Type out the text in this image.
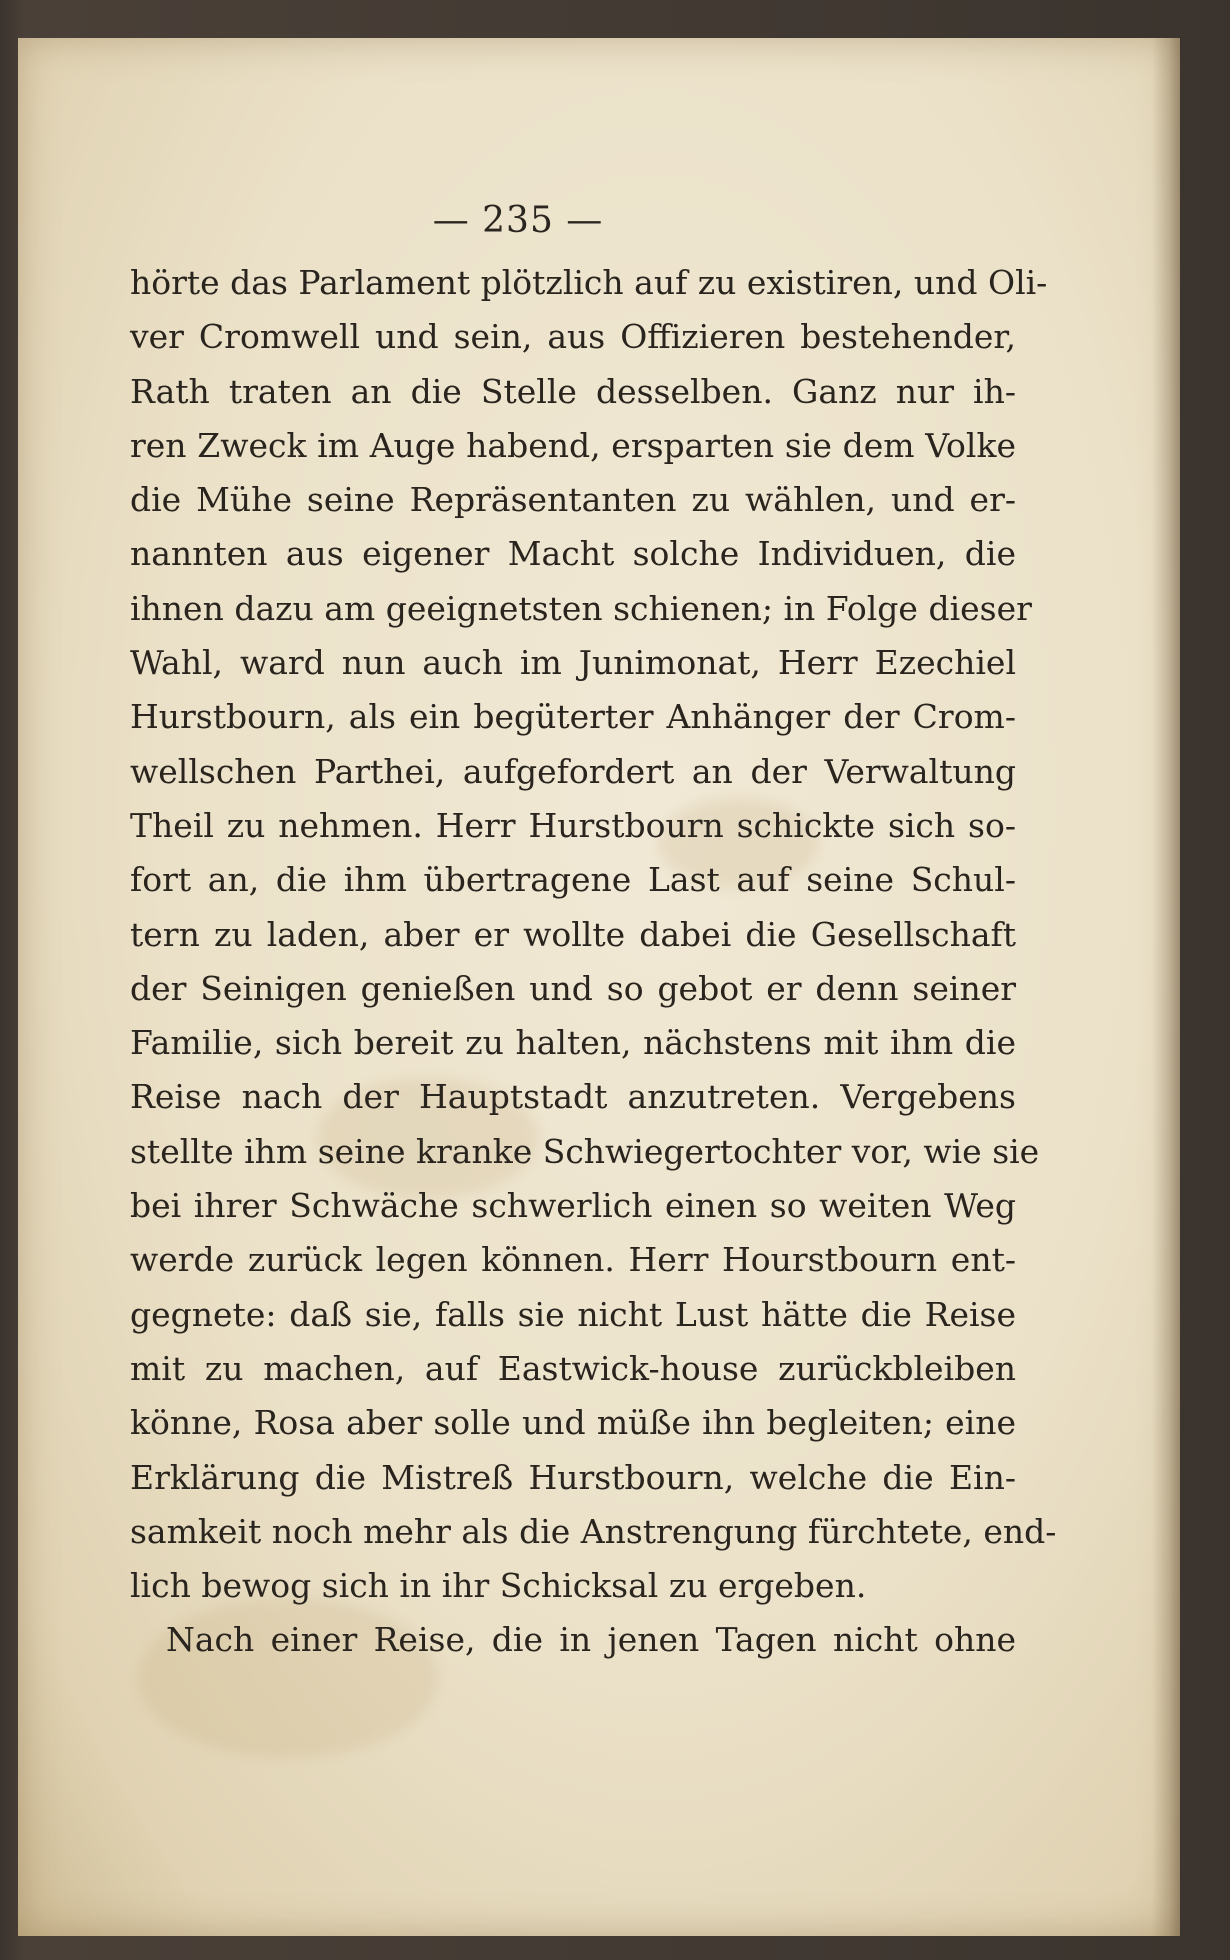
— 235 —
hörte das Parlament plötzlich auf zu existiren, und Oli-
ver Cromwell und sein, aus Offizieren bestehender,
Rath traten an die Stelle desselben. Ganz nur ih-
ren Zweck im Auge habend, ersparten sie dem Volke
die Mühe seine Repräsentanten zu wählen, und er-
nannten aus eigener Macht solche Individuen, die
ihnen dazu am geeignetsten schienen; in Folge dieser
Wahl, ward nun auch im Junimonat, Herr Ezechiel
Hurstbourn, als ein begüterter Anhänger der Crom-
wellschen Parthei, aufgefordert an der Verwaltung
Theil zu nehmen. Herr Hurstbourn schickte sich so-
fort an, die ihm übertragene Last auf seine Schul-
tern zu laden, aber er wollte dabei die Gesellschaft
der Seinigen genießen und so gebot er denn seiner
Familie, sich bereit zu halten, nächstens mit ihm die
Reise nach der Hauptstadt anzutreten. Vergebens
stellte ihm seine kranke Schwiegertochter vor, wie sie
bei ihrer Schwäche schwerlich einen so weiten Weg
werde zurück legen können. Herr Hourstbourn ent-
gegnete: daß sie, falls sie nicht Lust hätte die Reise
mit zu machen, auf Eastwick-house zurückbleiben
könne, Rosa aber solle und müße ihn begleiten; eine
Erklärung die Mistreß Hurstbourn, welche die Ein-
samkeit noch mehr als die Anstrengung fürchtete, end-
lich bewog sich in ihr Schicksal zu ergeben.
Nach einer Reise, die in jenen Tagen nicht ohne
